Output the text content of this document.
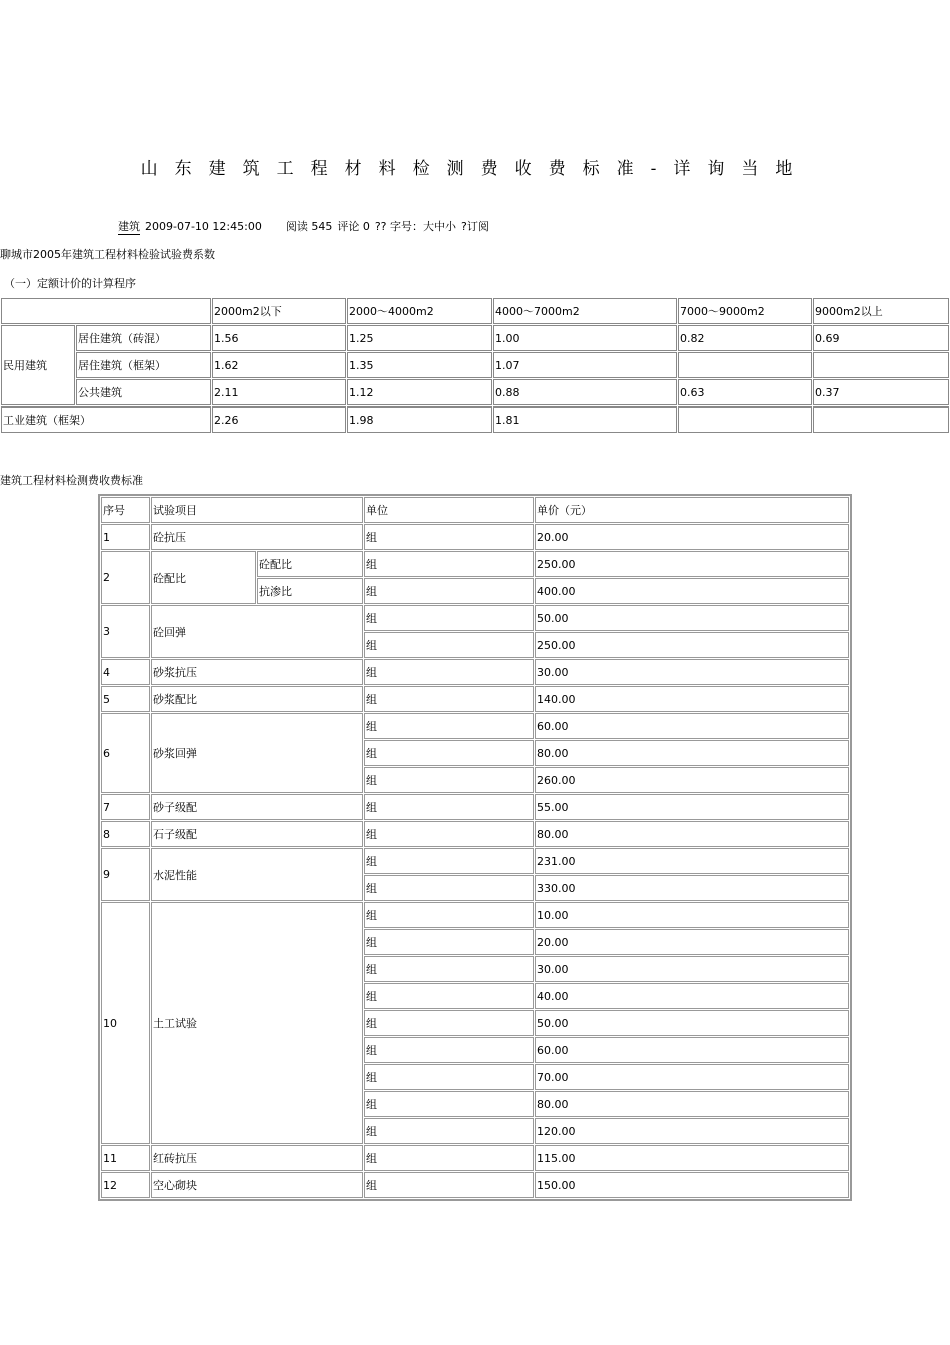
山东建筑工程材料检测费收费标准-详询当地
建筑 2009-07-10 12:45:00 阅读 545 评论 0 ?? 字号：大中小 ?订阅
聊城市2005年建筑工程材料检验试验费系数
（一）定额计价的计算程序
		2000m2以下	2000～4000m2	4000～7000m2	7000～9000m2	9000m2以上
民用建筑	居住建筑（砖混）	1.56	1.25	1.00	0.82	0.69
	居住建筑（框架）	1.62	1.35	1.07		
	公共建筑	2.11	1.12	0.88	0.63	0.37
工业建筑（框架）		2.26	1.98	1.81		
建筑工程材料检测费收费标准
序号	试验项目		单位	单价（元）
1	砼抗压		组	20.00
2	砼配比	砼配比	组	250.00
		抗渗比	组	400.00
3	砼回弹		组	50.00
			组	250.00
4	砂浆抗压		组	30.00
5	砂浆配比		组	140.00
6	砂浆回弹		组	60.00
			组	80.00
			组	260.00
7	砂子级配		组	55.00
8	石子级配		组	80.00
9	水泥性能		组	231.00
			组	330.00
10	土工试验		组	10.00
			组	20.00
			组	30.00
			组	40.00
			组	50.00
			组	60.00
			组	70.00
			组	80.00
			组	120.00
11	红砖抗压		组	115.00
12	空心砌块		组	150.00
